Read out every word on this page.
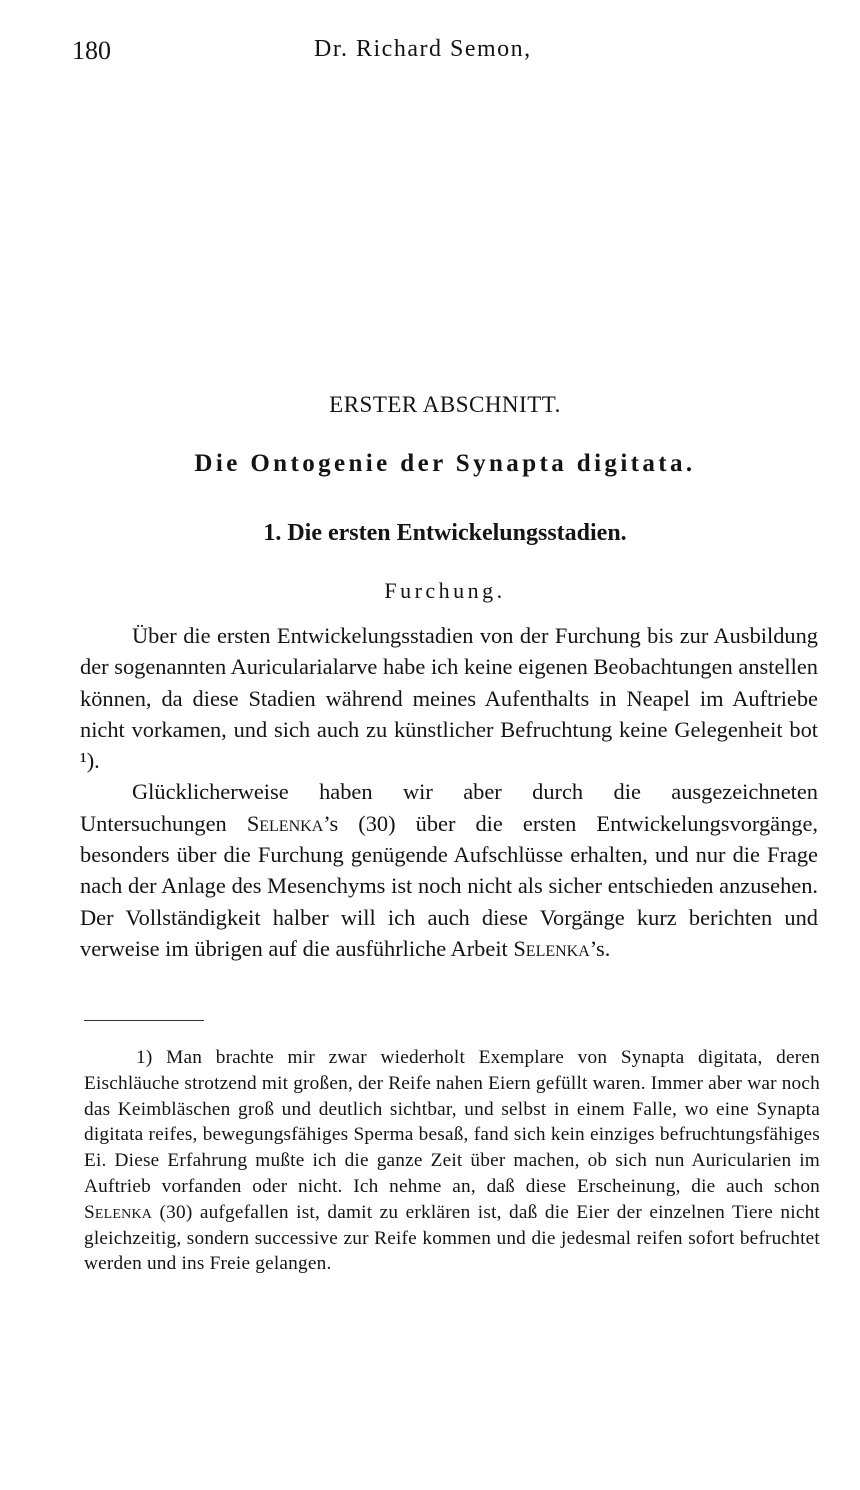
180	Dr. Richard Semon,
ERSTER ABSCHNITT.
Die Ontogenie der Synapta digitata.
1. Die ersten Entwickelungsstadien.
Furchung.

Über die ersten Entwickelungsstadien von der Furchung bis zur Ausbildung der sogenannten Auricularialarve habe ich keine eigenen Beobachtungen anstellen können, da diese Stadien während meines Aufenthalts in Neapel im Auftriebe nicht vorkamen, und sich auch zu künstlicher Befruchtung keine Gelegenheit bot ¹).

Glücklicherweise haben wir aber durch die ausgezeichneten Untersuchungen Selenka’s (30) über die ersten Entwickelungsvorgänge, besonders über die Furchung genügende Aufschlüsse erhalten, und nur die Frage nach der Anlage des Mesenchyms ist noch nicht als sicher entschieden anzusehen. Der Vollständigkeit halber will ich auch diese Vorgänge kurz berichten und verweise im übrigen auf die ausführliche Arbeit Selenka’s.

1) Man brachte mir zwar wiederholt Exemplare von Synapta digitata, deren Eischläuche strotzend mit großen, der Reife nahen Eiern gefüllt waren. Immer aber war noch das Keimbläschen groß und deutlich sichtbar, und selbst in einem Falle, wo eine Synapta digitata reifes, bewegungsfähiges Sperma besaß, fand sich kein einziges befruchtungsfähiges Ei. Diese Erfahrung mußte ich die ganze Zeit über machen, ob sich nun Auricularien im Auftrieb vorfanden oder nicht. Ich nehme an, daß diese Erscheinung, die auch schon Selenka (30) aufgefallen ist, damit zu erklären ist, daß die Eier der einzelnen Tiere nicht gleichzeitig, sondern successive zur Reife kommen und die jedesmal reifen sofort befruchtet werden und ins Freie gelangen.
